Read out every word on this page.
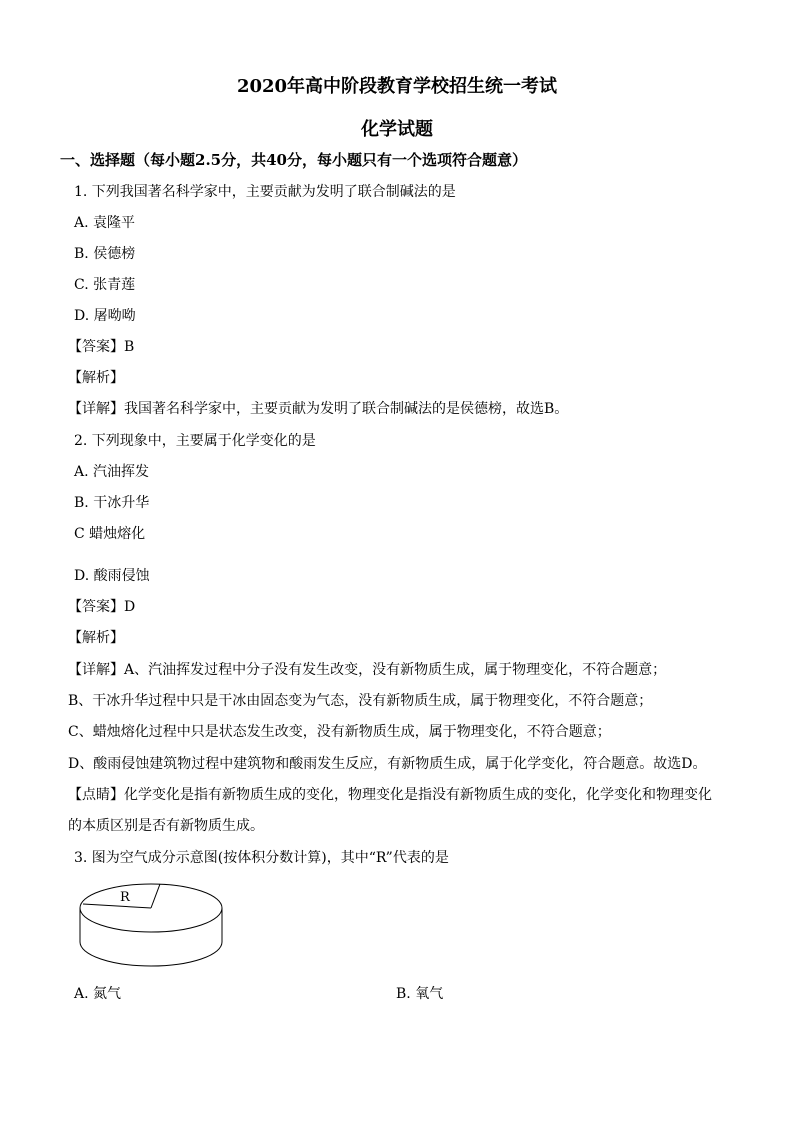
2020年高中阶段教育学校招生统一考试
化学试题
一、选择题（每小题2.5分，共40分，每小题只有一个选项符合题意）
1. 下列我国著名科学家中，主要贡献为发明了联合制碱法的是
A. 袁隆平
B. 侯德榜
C. 张青莲
D. 屠呦呦
【答案】B
【解析】
【详解】我国著名科学家中，主要贡献为发明了联合制碱法的是侯德榜，故选B。
2. 下列现象中，主要属于化学变化的是
A. 汽油挥发
B. 干冰升华
C 蜡烛熔化
D. 酸雨侵蚀
【答案】D
【解析】
【详解】A、汽油挥发过程中分子没有发生改变，没有新物质生成，属于物理变化，不符合题意；
B、干冰升华过程中只是干冰由固态变为气态，没有新物质生成，属于物理变化，不符合题意；
C、蜡烛熔化过程中只是状态发生改变，没有新物质生成，属于物理变化，不符合题意；
D、酸雨侵蚀建筑物过程中建筑物和酸雨发生反应，有新物质生成，属于化学变化，符合题意。故选D。
【点睛】化学变化是指有新物质生成的变化，物理变化是指没有新物质生成的变化，化学变化和物理变化
的本质区别是否有新物质生成。
3. 图为空气成分示意图(按体积分数计算)，其中“R”代表的是
R
A. 氮气	B. 氧气
